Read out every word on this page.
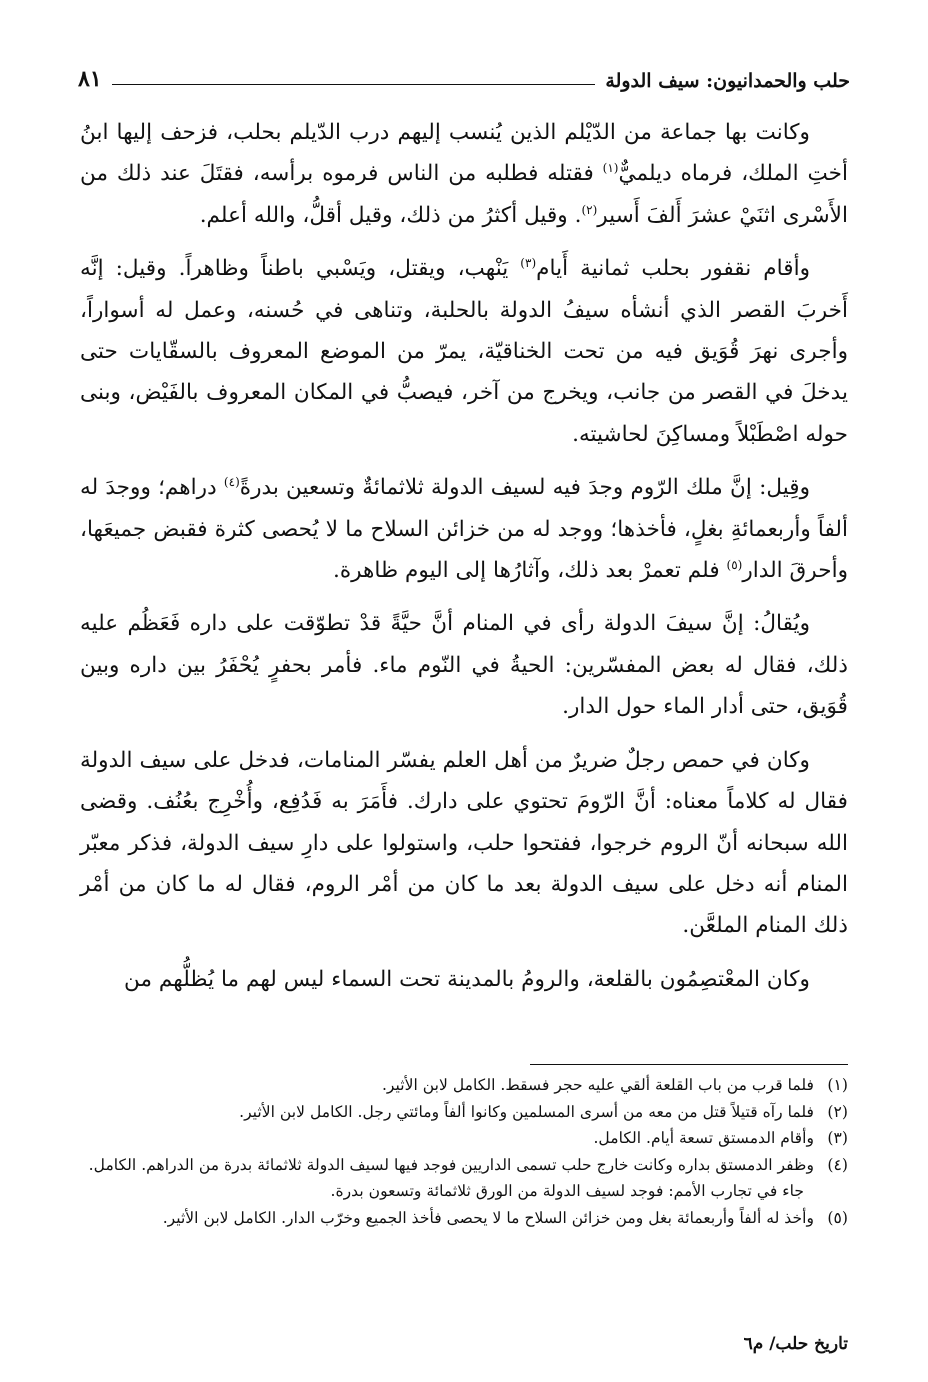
حلب والحمدانيون: سيف الدولة
٨١

وكانت بها جماعة من الدّيْلم الذين يُنسب إليهم درب الدّيلم بحلب، فزحف إليها ابنُ أختِ الملك، فرماه ديلميٌّ$^{(١)}$ فقتله فطلبه من الناس فرموه برأسه، فقتَلَ عند ذلك من الأَسْرى اثنَيْ عشرَ أَلفَ أَسير$^{(٢)}$. وقيل أكثرُ من ذلك، وقيل أقلُّ، والله أعلم.

وأقام نقفور بحلب ثمانية أَيام$^{(٣)}$ يَنْهب، ويقتل، ويَسْبي باطناً وظاهراً. وقيل: إنَّه أَخربَ القصر الذي أنشأه سيفُ الدولة بالحلبة، وتناهى في حُسنه، وعمل له أسواراً، وأجرى نهرَ قُوَيق فيه من تحت الخناقيّة، يمرّ من الموضع المعروف بالسقّايات حتى يدخلَ في القصر من جانب، ويخرج من آخر، فيصبُّ في المكان المعروف بالفَيْض، وبنى حوله اصْطَبْلاً ومساكِنَ لحاشيته.

وقِيل: إنَّ ملك الرّوم وجدَ فيه لسيف الدولة ثلاثمائةٌ وتسعين بدرةً$^{(٤)}$ دراهم؛ ووجدَ له ألفاً وأربعمائةِ بغلٍ، فأخذها؛ ووجد له من خزائن السلاح ما لا يُحصى كثرة فقبض جميعَها، وأحرقَ الدار$^{(٥)}$ فلم تعمرْ بعد ذلك، وآثارُها إلى اليوم ظاهرة.

ويُقالُ: إنَّ سيفَ الدولة رأى في المنام أنَّ حيَّةً قدْ تطوّقت على داره فَعَظُم عليه ذلك، فقال له بعض المفسّرين: الحيةُ في النّوم ماء. فأمر بحفرٍ يُحْفَرُ بين داره وبين قُوَيق، حتى أدار الماء حول الدار.

وكان في حمص رجلٌ ضريرٌ من أهل العلم يفسّر المنامات، فدخل على سيف الدولة فقال له كلاماً معناه: أنَّ الرّومَ تحتوي على دارك. فأَمَرَ به فَدُفِع، وأُخْرِج بعُنُف. وقضى الله سبحانه أنّ الروم خرجوا، ففتحوا حلب، واستولوا على دارِ سيف الدولة، فذكر معبّر المنام أنه دخل على سيف الدولة بعد ما كان من أمْر الروم، فقال له ما كان من أمْر ذلك المنام الملعَّن.

وكان المعْتصِمُون بالقلعة، والرومُ بالمدينة تحت السماء ليس لهم ما يُظلُّهم من

(١)فلما قرب من باب القلعة ألقي عليه حجر فسقط. الكامل لابن الأثير.
(٢)فلما رآه قتيلاً قتل من معه من أسرى المسلمين وكانوا ألفاً ومائتي رجل. الكامل لابن الأثير.
(٣)وأقام الدمستق تسعة أيام. الكامل.
(٤)وظفر الدمستق بداره وكانت خارج حلب تسمى الداريين فوجد فيها لسيف الدولة ثلاثمائة بدرة من الدراهم. الكامل.
جاء في تجارب الأمم: فوجد لسيف الدولة من الورق ثلاثمائة وتسعون بدرة.
(٥)وأخذ له ألفاً وأربعمائة بغل ومن خزائن السلاح ما لا يحصى فأخذ الجميع وخرّب الدار. الكامل لابن الأثير.
تاريخ حلب/ م٦
